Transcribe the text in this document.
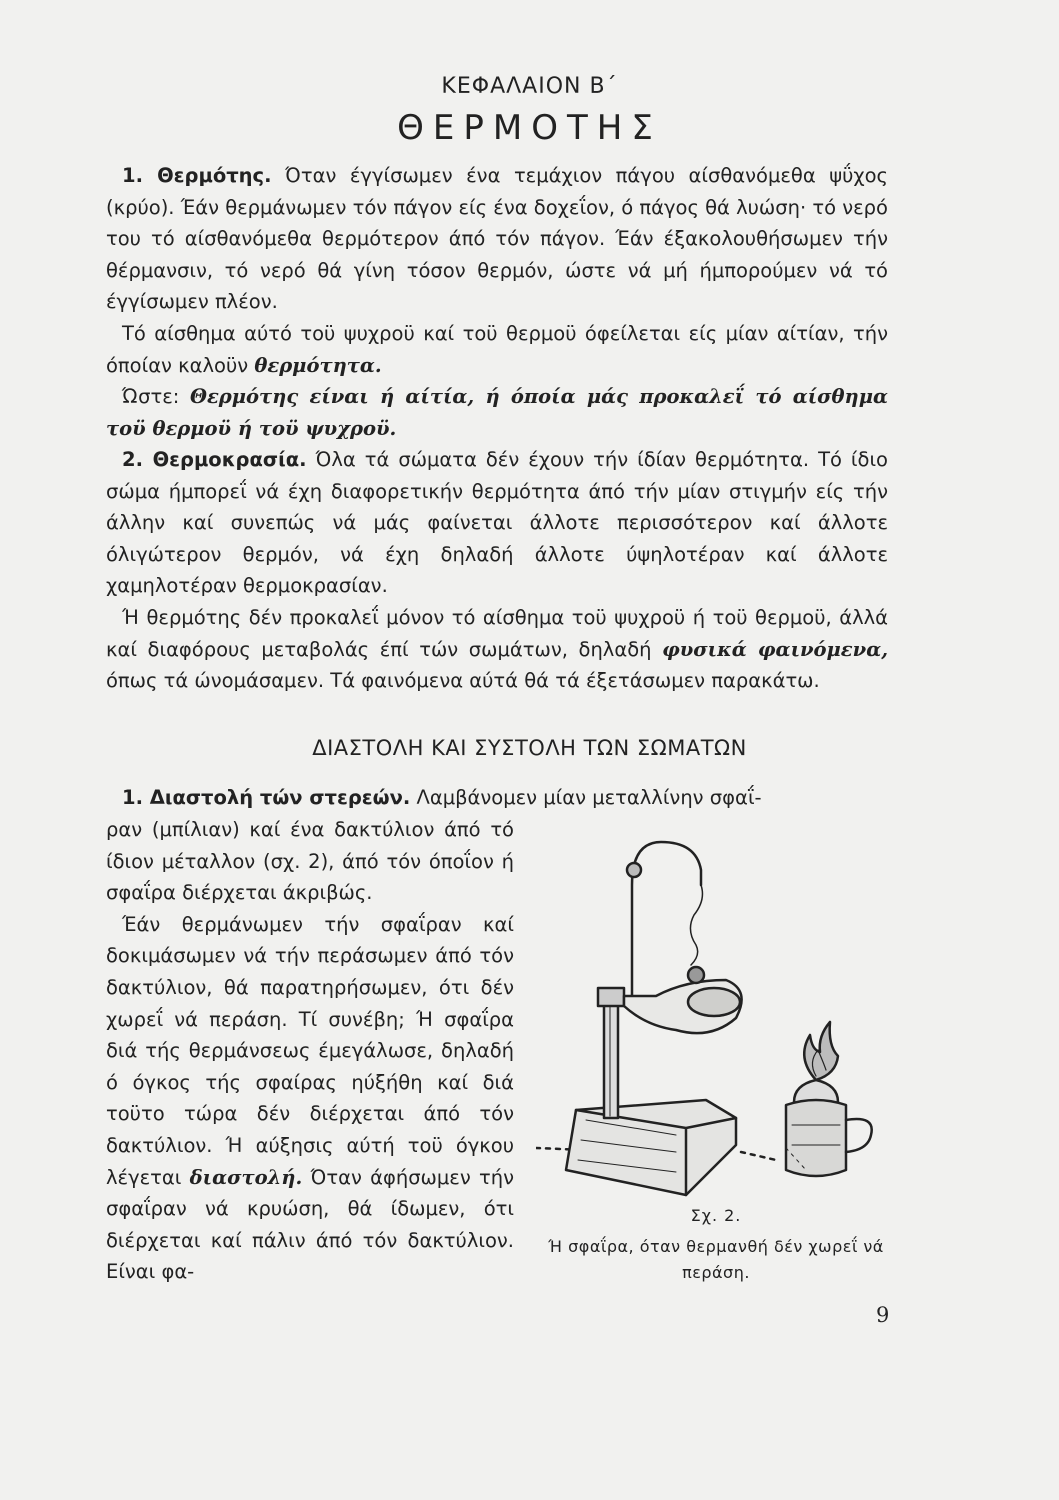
ΚΕΦΑΛΑΙΟΝ Β΄
ΘΕΡΜΟΤΗΣ

1. Θερμότης. Όταν έγγίσωμεν ένα τεμάχιον πάγου αίσθανόμεθα ψΰχος (κρύο). Έάν θερμάνωμεν τόν πάγον είς ένα δοχεΐον, ό πάγος θά λυώση· τό νερό του τό αίσθανόμεθα θερμότερον άπό τόν πάγον. Έάν έξακολουθήσωμεν τήν θέρμανσιν, τό νερό θά γίνη τόσον θερμόν, ώστε νά μή ήμπορούμεν νά τό έγγίσωμεν πλέον.

Τό αίσθημα αύτό τοϋ ψυχροϋ καί τοϋ θερμοϋ όφείλεται είς μίαν αίτίαν, τήν όποίαν καλοϋν θερμότητα.

Ώστε: Θερμότης είναι ή αίτία, ή όποία μάς προκαλεΐ τό αίσθημα τοϋ θερμοϋ ή τοϋ ψυχροϋ.

2. Θερμοκρασία. Όλα τά σώματα δέν έχουν τήν ίδίαν θερμότητα. Τό ίδιο σώμα ήμπορεΐ νά έχη διαφορετικήν θερμότητα άπό τήν μίαν στιγμήν είς τήν άλλην καί συνεπώς νά μάς φαίνεται άλλοτε περισσότερον καί άλλοτε όλιγώτερον θερμόν, νά έχη δηλαδή άλλοτε ύψηλοτέραν καί άλλοτε χαμηλοτέραν θερμοκρασίαν.

Ή θερμότης δέν προκαλεΐ μόνον τό αίσθημα τοϋ ψυχροϋ ή τοϋ θερμοϋ, άλλά καί διαφόρους μεταβολάς έπί τών σωμάτων, δηλαδή φυσικά φαινόμενα, όπως τά ώνομάσαμεν. Τά φαινόμενα αύτά θά τά έξετάσωμεν παρακάτω.

ΔΙΑΣΤΟΛΗ ΚΑΙ ΣΥΣΤΟΛΗ ΤΩΝ ΣΩΜΑΤΩΝ
1. Διαστολή τών στερεών. Λαμβάνομεν μίαν μεταλλίνην σφαΐ-

ραν (μπίλιαν) καί ένα δακτύλιον άπό τό ίδιον μέταλλον (σχ. 2), άπό τόν όποΐον ή σφαΐρα διέρχεται άκριβώς.

Έάν θερμάνωμεν τήν σφαΐραν καί δοκιμάσωμεν νά τήν περάσωμεν άπό τόν δακτύλιον, θά παρατηρήσωμεν, ότι δέν χωρεΐ νά περάση. Τί συνέβη; Ή σφαΐρα διά τής θερμάνσεως έμεγάλωσε, δηλαδή ό όγκος τής σφαίρας ηύξήθη καί διά τοϋτο τώρα δέν διέρχεται άπό τόν δακτύλιον. Ή αύξησις αύτή τοϋ όγκου λέγεται διαστολή. Όταν άφήσωμεν τήν σφαΐραν νά κρυώση, θά ίδωμεν, ότι διέρχεται καί πάλιν άπό τόν δακτύλιον. Είναι φα-

Σχ. 2.
Ή σφαΐρα, όταν θερμανθή δέν χωρεΐ νά περάση.
9
